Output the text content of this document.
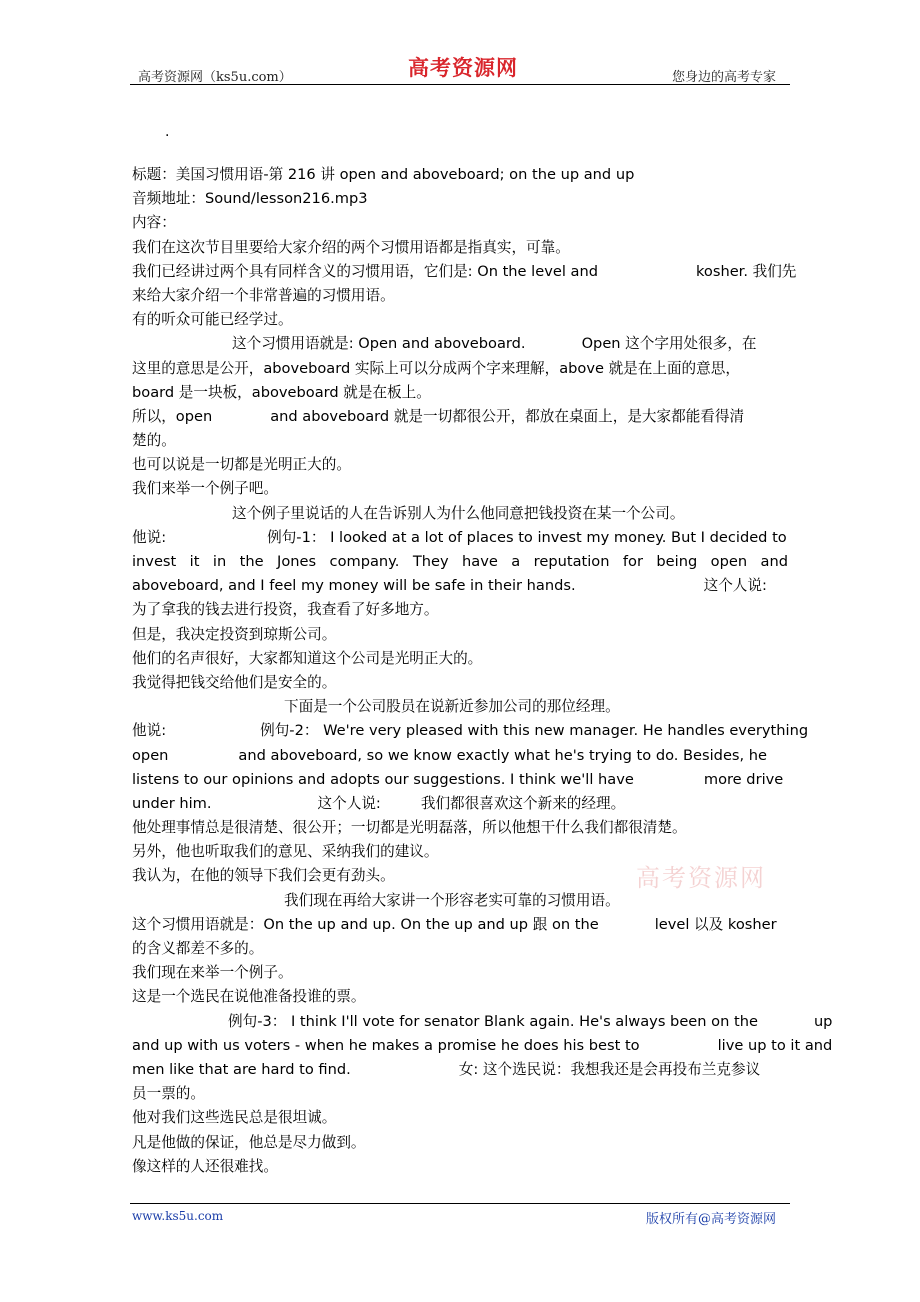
高考资源网（ks5u.com）	高考资源网	您身边的高考专家
.
标题：美国习惯用语-第 216 讲 open and aboveboard; on the up and up
音频地址：Sound/lesson216.mp3
内容：
我们在这次节目里要给大家介绍的两个习惯用语都是指真实，可靠。
我们已经讲过两个具有同样含义的习惯用语，它们是: On the level and	kosher. 我们先
来给大家介绍一个非常普遍的习惯用语。
有的听众可能已经学过。
这个习惯用语就是: Open and aboveboard.	Open 这个字用处很多，在
这里的意思是公开，aboveboard 实际上可以分成两个字来理解，above 就是在上面的意思，
board 是一块板，aboveboard 就是在板上。
所以，open	and aboveboard 就是一切都很公开，都放在桌面上，是大家都能看得清
楚的。
也可以说是一切都是光明正大的。
我们来举一个例子吧。
这个例子里说话的人在告诉别人为什么他同意把钱投资在某一个公司。
他说:	例句-1： I looked at a lot of places to invest my money. But I decided to
invest it in the Jones company. They have a reputation for being open and
aboveboard, and I feel my money will be safe in their hands.	这个人说:
为了拿我的钱去进行投资，我查看了好多地方。
但是，我决定投资到琼斯公司。
他们的名声很好，大家都知道这个公司是光明正大的。
我觉得把钱交给他们是安全的。
下面是一个公司股员在说新近参加公司的那位经理。
他说:	例句-2： We're very pleased with this new manager. He handles everything
open	and aboveboard, so we know exactly what he's trying to do. Besides, he
listens to our opinions and adopts our suggestions. I think we'll have	more drive
under him.	这个人说:	我们都很喜欢这个新来的经理。
他处理事情总是很清楚、很公开；一切都是光明磊落，所以他想干什么我们都很清楚。
另外，他也听取我们的意见、采纳我们的建议。
我认为，在他的领导下我们会更有劲头。
我们现在再给大家讲一个形容老实可靠的习惯用语。
这个习惯用语就是：On the up and up. On the up and up 跟 on the	level 以及 kosher
的含义都差不多的。
我们现在来举一个例子。
这是一个选民在说他准备投谁的票。
例句-3： I think I'll vote for senator Blank again. He's always been on the	up
and up with us voters - when he makes a promise he does his best to	live up to it and
men like that are hard to find.	女: 这个选民说：我想我还是会再投布兰克参议
员一票的。
他对我们这些选民总是很坦诚。
凡是他做的保证，他总是尽力做到。
像这样的人还很难找。
高考资源网
www.ks5u.com	版权所有@高考资源网
